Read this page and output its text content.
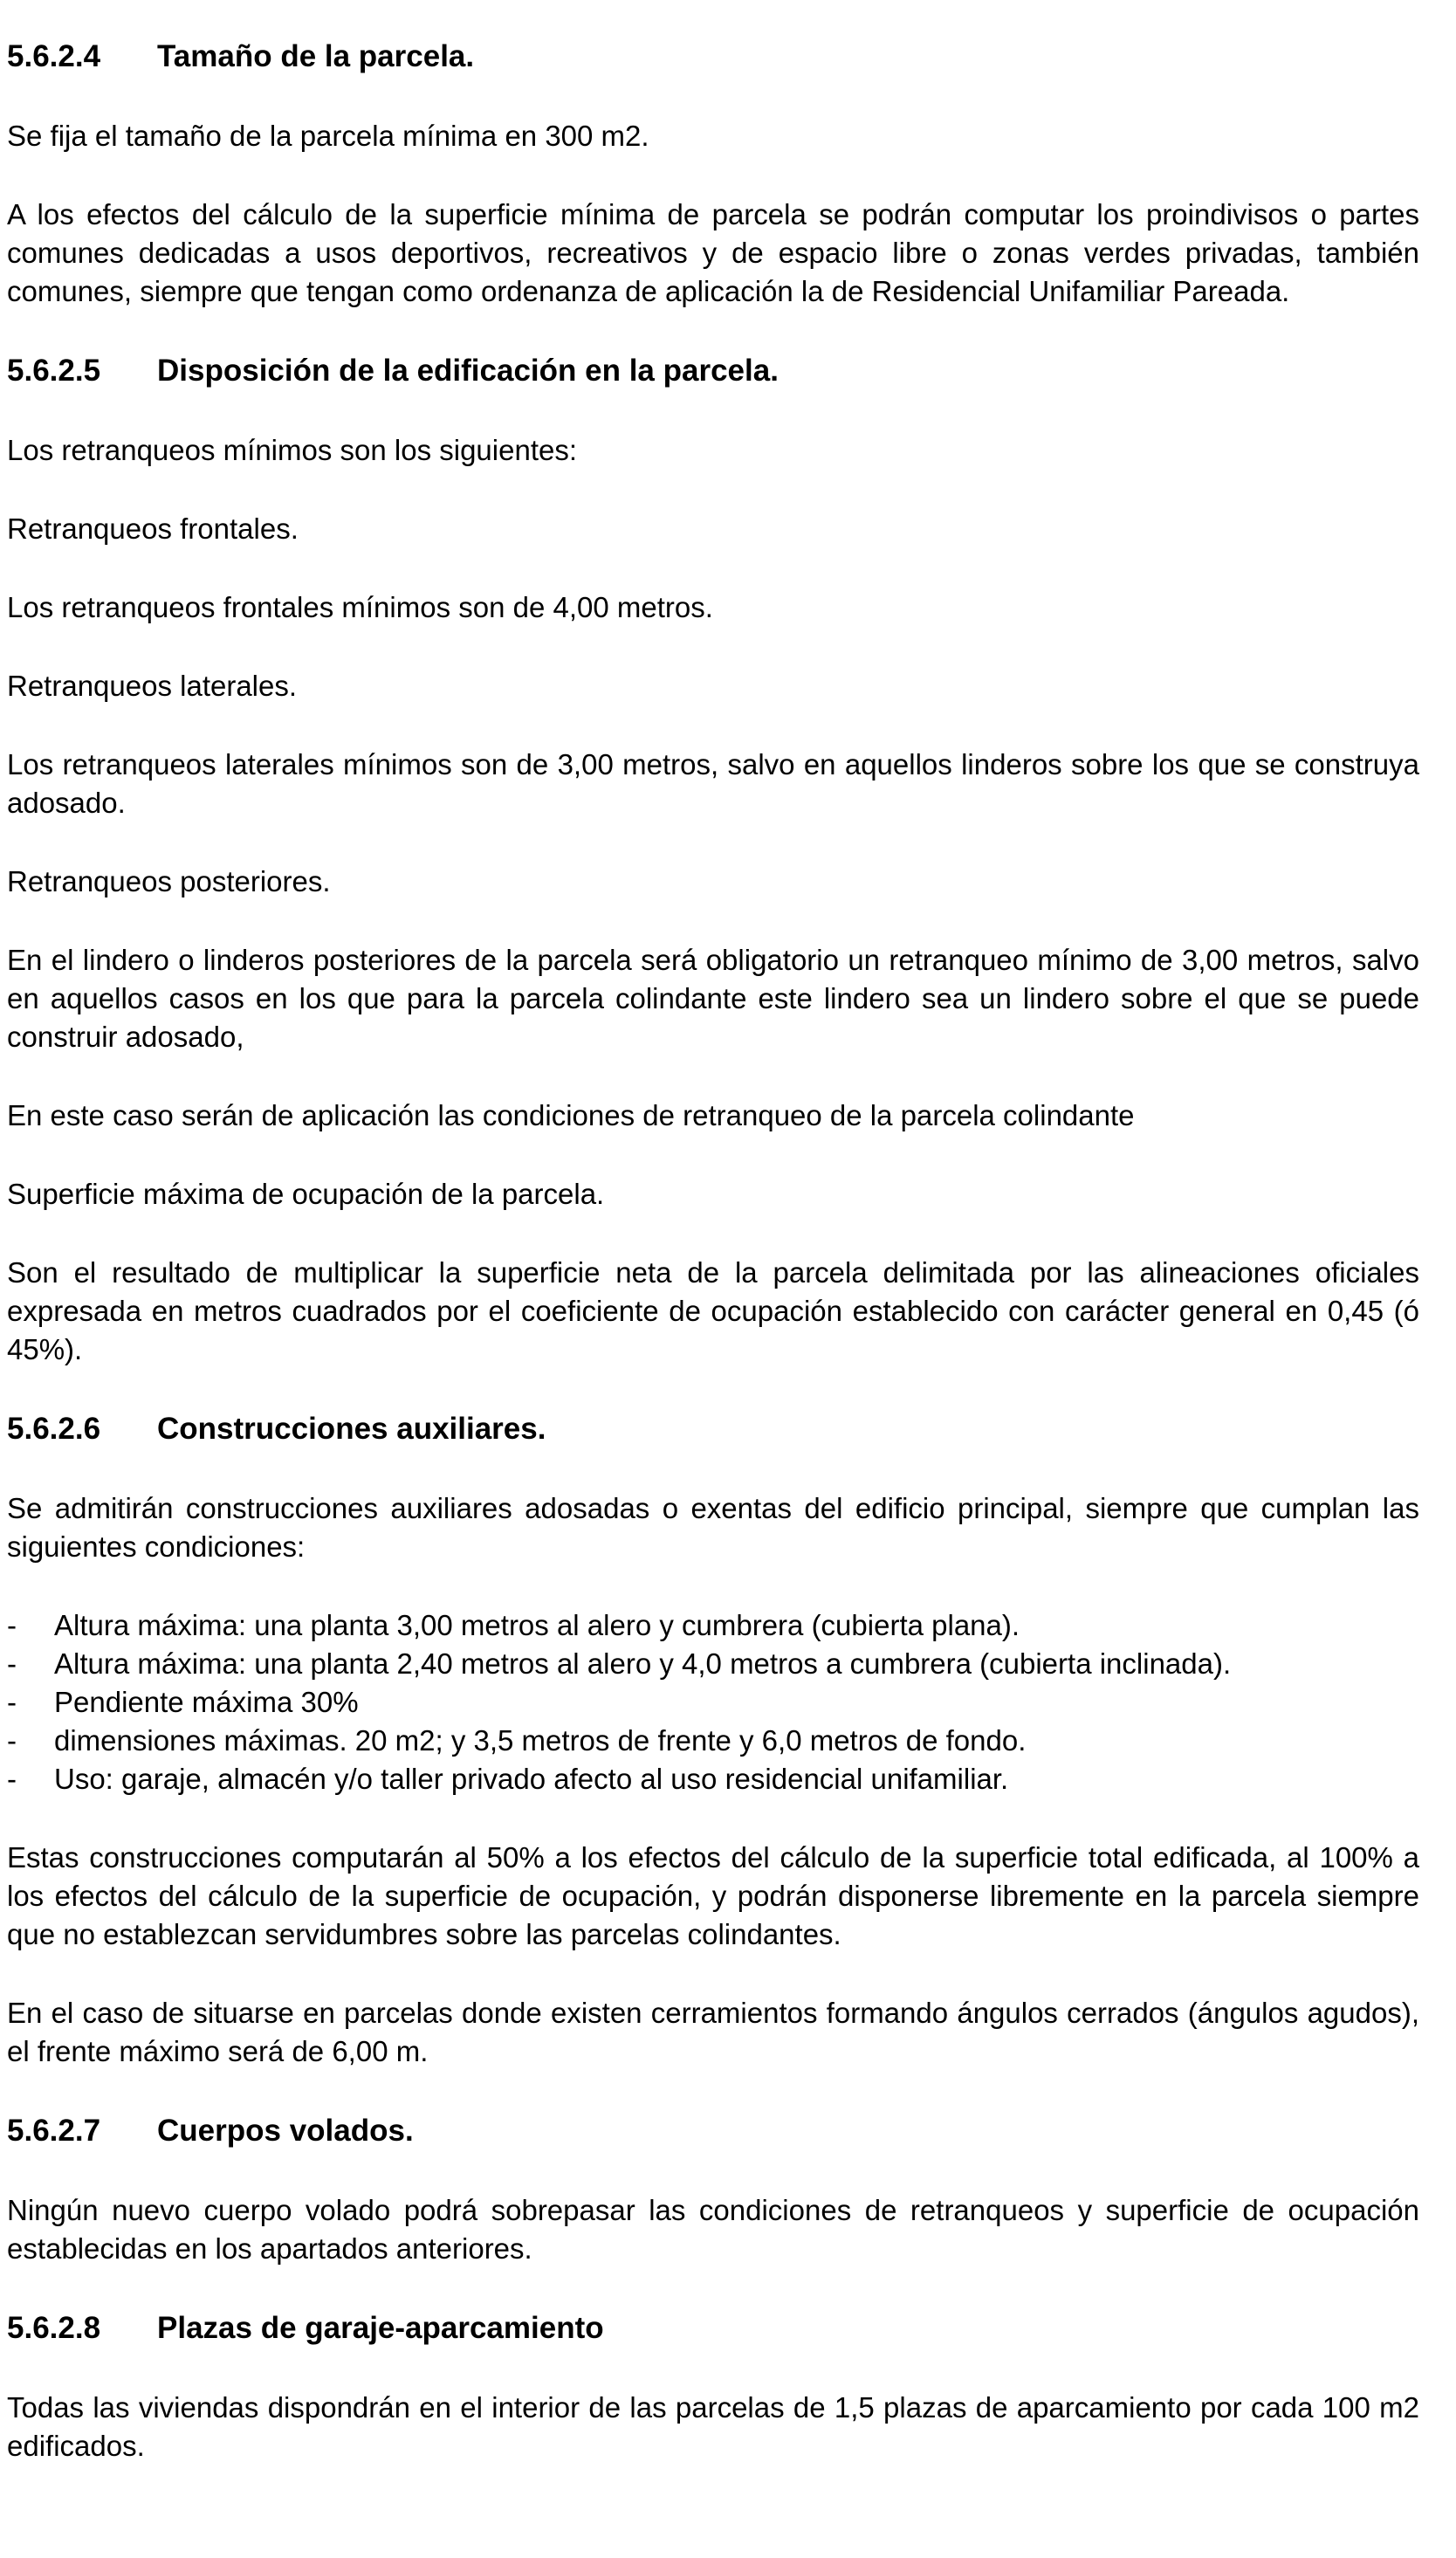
5.6.2.4 Tamaño de la parcela.

Se fija el tamaño de la parcela mínima en 300 m2.

A los efectos del cálculo de la superficie mínima de parcela se podrán computar los proindivisos o partes comunes dedicadas a usos deportivos, recreativos y de espacio libre o zonas verdes privadas, también comunes, siempre que tengan como ordenanza de aplicación la de Residencial Unifamiliar Pareada.

5.6.2.5 Disposición de la edificación en la parcela.

Los retranqueos mínimos son los siguientes:

Retranqueos frontales.

Los retranqueos frontales mínimos son de 4,00 metros.

Retranqueos laterales.

Los retranqueos laterales mínimos son de 3,00 metros, salvo en aquellos linderos sobre los que se construya adosado.

Retranqueos posteriores.

En el lindero o linderos posteriores de la parcela será obligatorio un retranqueo mínimo de 3,00 metros, salvo en aquellos casos en los que para la parcela colindante este lindero sea un lindero sobre el que se puede construir adosado,

En este caso serán de aplicación las condiciones de retranqueo de la parcela colindante

Superficie máxima de ocupación de la parcela.

Son el resultado de multiplicar la superficie neta de la parcela delimitada por las alineaciones oficiales expresada en metros cuadrados por el coeficiente de ocupación establecido con carácter general en 0,45 (ó 45%).

5.6.2.6 Construcciones auxiliares.

Se admitirán construcciones auxiliares adosadas o exentas del edificio principal, siempre que cumplan las siguientes condiciones:

-	Altura máxima: una planta 3,00 metros al alero y cumbrera (cubierta plana).
-	Altura máxima: una planta 2,40 metros al alero y 4,0 metros a cumbrera (cubierta inclinada).
-	Pendiente máxima 30%
-	dimensiones máximas. 20 m2; y 3,5 metros de frente y 6,0 metros de fondo.
-	Uso: garaje, almacén y/o taller privado afecto al uso residencial unifamiliar.

Estas construcciones computarán al 50% a los efectos del cálculo de la superficie total edificada, al 100% a los efectos del cálculo de la superficie de ocupación, y podrán disponerse libremente en la parcela siempre que no establezcan servidumbres sobre las parcelas colindantes.

En el caso de situarse en parcelas donde existen cerramientos formando ángulos cerrados (ángulos agudos), el frente máximo será de 6,00 m.

5.6.2.7 Cuerpos volados.

Ningún nuevo cuerpo volado podrá sobrepasar las condiciones de retranqueos y superficie de ocupación establecidas en los apartados anteriores.

5.6.2.8 Plazas de garaje-aparcamiento

Todas las viviendas dispondrán en el interior de las parcelas de 1,5 plazas de aparcamiento por cada 100 m2 edificados.
